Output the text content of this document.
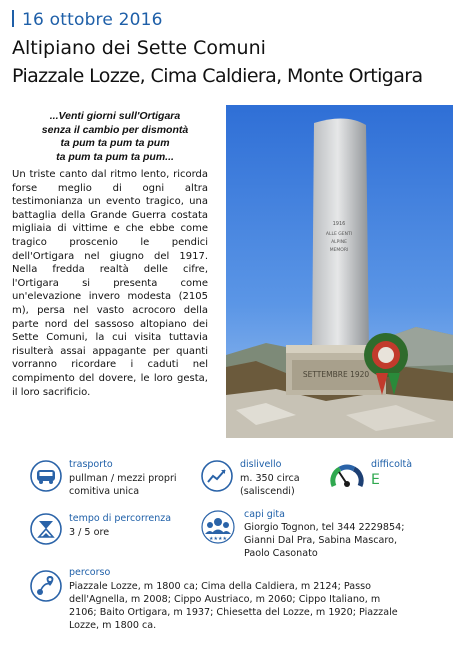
16 ottobre 2016
Altipiano dei Sette Comuni
Piazzale Lozze, Cima Caldiera, Monte Ortigara
...Venti giorni sull'Ortigara
senza il cambio per dismontà
ta pum ta pum ta pum
ta pum ta pum ta pum...
Un triste canto dal ritmo lento, ricorda forse meglio di ogni altra testimonianza un evento tragico, una battaglia della Grande Guerra costata migliaia di vittime e che ebbe come tragico proscenio le pendici dell'Ortigara nel giugno del 1917. Nella fredda realtà delle cifre, l'Ortigara si presenta come un'elevazione invero modesta (2105 m), persa nel vasto acrocoro della parte nord del sassoso altopiano dei Sette Comuni, la cui visita tuttavia risulterà assai appagante per quanti vorranno ricordare i caduti nel compimento del dovere, le loro gesta, il loro sacrificio.
1916
ALLE GENTI
ALPINE
MEMORI
SETTEMBRE 1920
trasporto
pullman / mezzi propri
comitiva unica
dislivello
m. 350 circa
(saliscendi)
difficoltà
E
tempo di percorrenza
3 / 5 ore
★★★★
capi gita
Giorgio Tognon, tel 344 2229854;
Gianni Dal Pra, Sabina Mascaro,
Paolo Casonato
percorso
Piazzale Lozze, m 1800 ca; Cima della Caldiera, m 2124; Passo dell'Agnella, m 2008; Cippo Austriaco, m 2060; Cippo Italiano, m 2106; Baito Ortigara, m 1937; Chiesetta del Lozze, m 1920; Piazzale Lozze, m 1800 ca.
